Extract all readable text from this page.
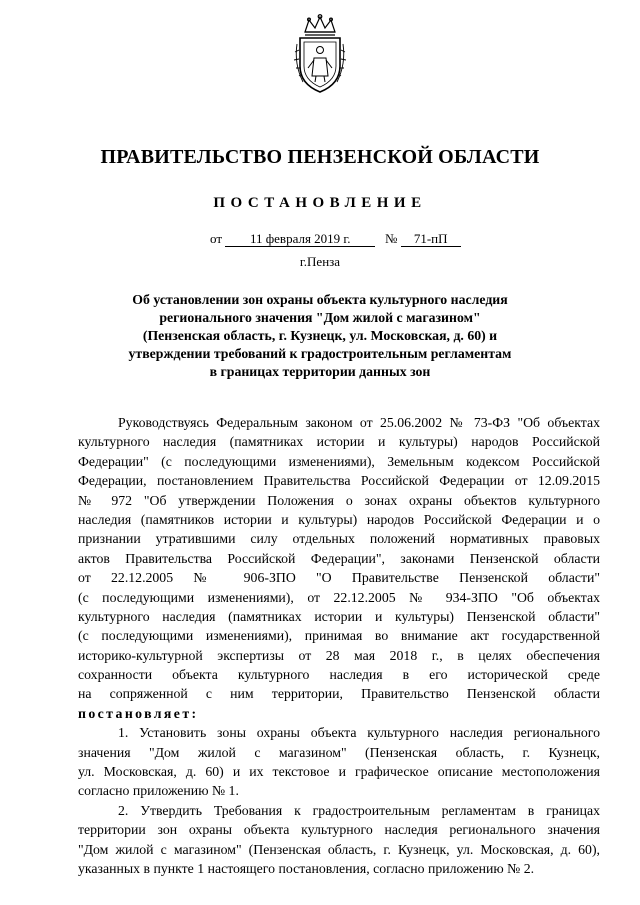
ПРАВИТЕЛЬСТВО ПЕНЗЕНСКОЙ ОБЛАСТИ
ПОСТАНОВЛЕНИЕ
от 11 февраля 2019 г.	№ 71-пП
г.Пенза
Об установлении зон охраны объекта культурного наследия
регионального значения "Дом жилой с магазином"
(Пензенская область, г. Кузнецк, ул. Московская, д. 60) и
утверждении требований к градостроительным регламентам
в границах территории данных зон
Руководствуясь Федеральным законом от 25.06.2002 № 73-ФЗ "Об объектах
культурного наследия (памятниках истории и культуры) народов Российской
Федерации" (с последующими изменениями), Земельным кодексом Российской
Федерации, постановлением Правительства Российской Федерации от 12.09.2015
№ 972 "Об утверждении Положения о зонах охраны объектов культурного
наследия (памятников истории и культуры) народов Российской Федерации и о
признании утратившими силу отдельных положений нормативных правовых
актов Правительства Российской Федерации", законами Пензенской области
от 22.12.2005 № 906-ЗПО "О Правительстве Пензенской области"
(с последующими изменениями), от 22.12.2005 № 934-ЗПО "Об объектах
культурного наследия (памятниках истории и культуры) Пензенской области"
(с последующими изменениями), принимая во внимание акт государственной
историко-культурной экспертизы от 28 мая 2018 г., в целях обеспечения
сохранности объекта культурного наследия в его исторической среде
на сопряженной с ним территории, Правительство Пензенской области
постановляет:
1. Установить зоны охраны объекта культурного наследия регионального
значения "Дом жилой с магазином" (Пензенская область, г. Кузнецк,
ул. Московская, д. 60) и их текстовое и графическое описание местоположения
согласно приложению № 1.
2. Утвердить Требования к градостроительным регламентам в границах
территории зон охраны объекта культурного наследия регионального значения
"Дом жилой с магазином" (Пензенская область, г. Кузнецк, ул. Московская, д. 60),
указанных в пункте 1 настоящего постановления, согласно приложению № 2.
